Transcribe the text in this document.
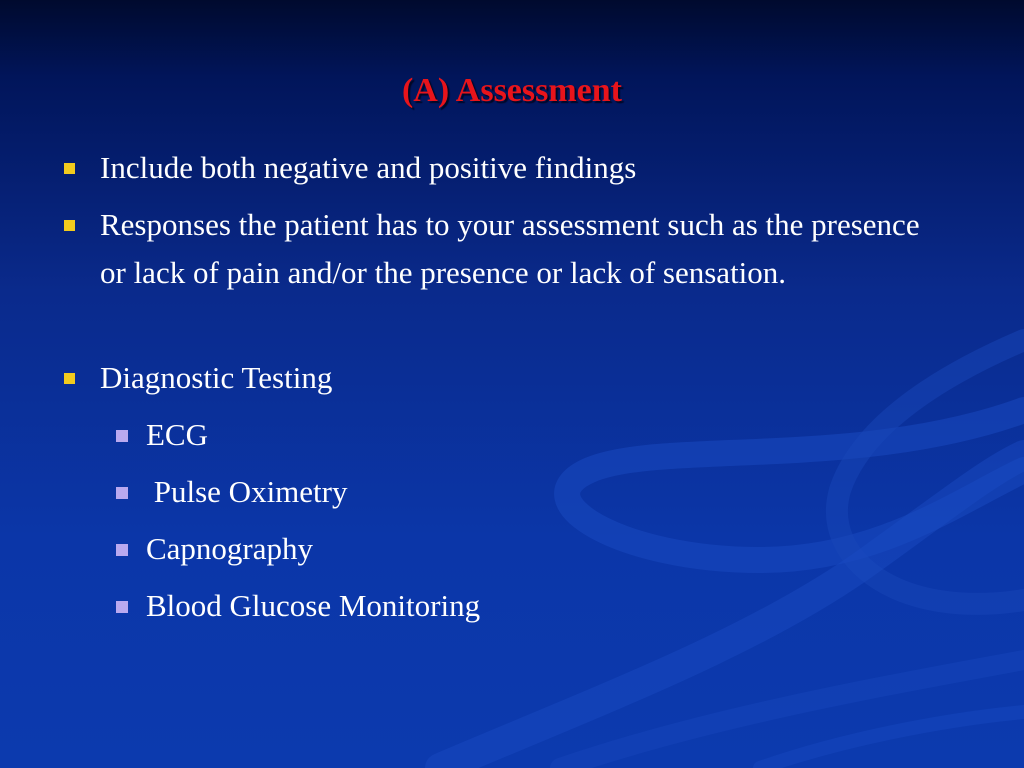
(A) Assessment
Include both negative and positive findings
Responses the patient has to your assessment such as the presence or lack of pain and/or the presence or lack of sensation.
Diagnostic Testing
ECG
Pulse Oximetry
Capnography
Blood Glucose Monitoring
